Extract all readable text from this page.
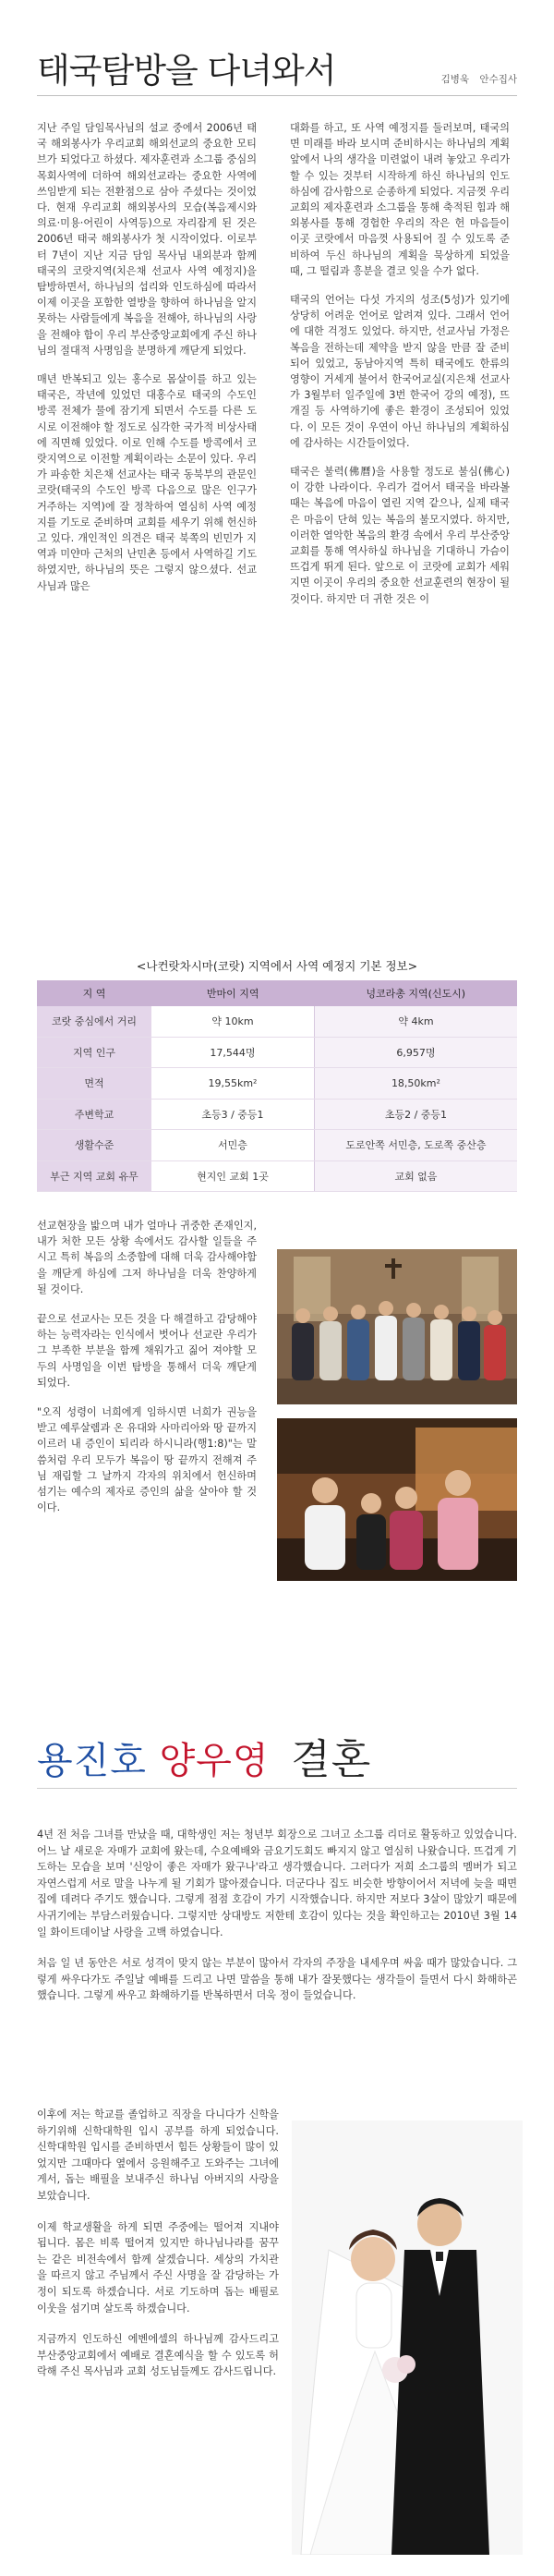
태국탐방을 다녀와서	김병욱 안수집사

지난 주일 담임목사님의 설교 중에서 2006년 태국 해외봉사가 우리교회 해외선교의 중요한 모티브가 되었다고 하셨다. 제자훈련과 소그룹 중심의 목회사역에 더하여 해외선교라는 중요한 사역에 쓰임받게 되는 전환점으로 삼아 주셨다는 것이었다. 현재 우리교회 해외봉사의 모습(복음제시와 의료·미용·어린이 사역등)으로 자리잡게 된 것은 2006년 태국 해외봉사가 첫 시작이었다. 이로부터 7년이 지난 지금 담임 목사님 내외분과 함께 태국의 코랏지역(치은채 선교사 사역 예정지)을 탐방하면서, 하나님의 섭리와 인도하심에 따라서 이제 이곳을 포함한 열방을 향하여 하나님을 알지 못하는 사람들에게 복음을 전해야, 하나님의 사랑을 전해야 함이 우리 부산중앙교회에게 주신 하나님의 절대적 사명임을 분명하게 깨닫게 되었다.

매년 반복되고 있는 홍수로 몸살이를 하고 있는 태국은, 작년에 있었던 대홍수로 태국의 수도인 방콕 전체가 물에 잠기게 되면서 수도를 다른 도시로 이전해야 할 정도로 심각한 국가적 비상사태에 직면해 있었다. 이로 인해 수도를 방콕에서 코랏지역으로 이전할 계획이라는 소문이 있다. 우리가 파송한 치은채 선교사는 태국 동북부의 관문인 코랏(태국의 수도인 방콕 다음으로 많은 인구가 거주하는 지역)에 잘 정착하여 열심히 사역 예정지를 기도로 준비하며 교회를 세우기 위해 헌신하고 있다. 개인적인 의견은 태국 북쪽의 빈민가 지역과 미얀마 근처의 난민촌 등에서 사역하길 기도하였지만, 하나님의 뜻은 그렇지 않으셨다. 선교사님과 많은

대화를 하고, 또 사역 예정지를 둘러보며, 태국의 면 미래를 바라 보시며 준비하시는 하나님의 계획 앞에서 나의 생각을 미련없이 내려 놓았고 우리가 할 수 있는 것부터 시작하게 하신 하나님의 인도하심에 감사함으로 순종하게 되었다. 지금껏 우리교회의 제자훈련과 소그룹을 통해 축적된 힘과 해외봉사를 통해 경험한 우리의 작은 헌 마음들이 이곳 코랏에서 마음껏 사용되어 질 수 있도록 준비하여 두신 하나님의 계획을 묵상하게 되었을 때, 그 떨림과 흥분을 결코 잊을 수가 없다.

태국의 언어는 다섯 가지의 성조(5성)가 있기에 상당히 어려운 언어로 알려져 있다. 그래서 언어에 대한 걱정도 있었다. 하지만, 선교사님 가정은 복음을 전하는데 제약을 받지 않을 만큼 잘 준비 되어 있었고, 동남아지역 특히 태국에도 한류의 영향이 거세게 불어서 한국어교실(지은채 선교사가 3월부터 일주일에 3번 한국어 강의 예정), 뜨개질 등 사역하기에 좋은 환경이 조성되어 있었다. 이 모든 것이 우연이 아닌 하나님의 계획하심에 감사하는 시간들이었다.

태국은 불력(佛曆)을 사용할 정도로 불심(佛心)이 강한 나라이다. 우리가 걸어서 태국을 바라볼 때는 복음에 마음이 열린 지역 같으나, 실제 태국은 마음이 단혀 있는 복음의 불모지였다. 하지만, 이러한 열악한 복음의 환경 속에서 우리 부산중앙교회를 통해 역사하실 하나님을 기대하니 가슴이 뜨겁게 뛰게 된다. 앞으로 이 코랏에 교회가 세워지면 이곳이 우리의 중요한 선교훈련의 현장이 될 것이다. 하지만 더 귀한 것은 이

<나컨랏차시마(코랏) 지역에서 사역 예정지 기본 정보>
지 역	반마이 지역	넝코라총 지역(신도시)
코랏 중심에서 거리	약 10km	약 4km
지역 인구	17,544명	6,957명
면적	19,55km²	18,50km²
주변학교	초등3 / 중등1	초등2 / 중등1
생활수준	서민층	도로안쪽 서민층, 도로쪽 중산층
부근 지역 교회 유무	현지인 교회 1곳	교회 없음

선교현장을 밟으며 내가 얼마나 귀중한 존재인지, 내가 처한 모든 상황 속에서도 감사할 일들을 주시고 특히 복음의 소중함에 대해 더욱 감사해야함을 깨닫게 하심에 그저 하나님을 더욱 찬양하게 될 것이다.

끝으로 선교사는 모든 것을 다 해결하고 감당해야 하는 능력자라는 인식에서 벗어나 선교란 우리가 그 부족한 부분을 함께 채워가고 짊어 져야할 모두의 사명임을 이번 탐방을 통해서 더욱 깨닫게 되었다.

"오직 성령이 너희에게 임하시면 너희가 권능을 받고 예루살렘과 온 유대와 사마리아와 땅 끝까지 이르러 내 증인이 되리라 하시니라(행1:8)"는 말씀처럼 우리 모두가 복음이 땅 끝까지 전해져 주님 재림할 그 날까지 각자의 위치에서 헌신하며 섬기는 예수의 제자로 증인의 삶을 살아야 할 것이다.

용진호 양우영 결혼

4년 전 처음 그녀를 만났을 때, 대학생인 저는 청년부 회장으로 그녀고 소그룹 리더로 활동하고 있었습니다. 어느 날 새로운 자매가 교회에 왔는데, 수요예배와 금요기도회도 빠지지 않고 열심히 나왔습니다. 뜨겁게 기도하는 모습을 보며 '신앙이 좋은 자매가 왔구나'라고 생각했습니다. 그러다가 저희 소그룹의 멤버가 되고 자연스럽게 서로 말을 나누게 될 기회가 많아졌습니다. 더군다나 집도 비슷한 방향이어서 저녁에 늦을 때면 집에 데려다 주기도 했습니다. 그렇게 점점 호감이 가기 시작했습니다. 하지만 저보다 3살이 많았기 때문에 사귀기에는 부담스러웠습니다. 그렇지만 상대방도 저한테 호감이 있다는 것을 확인하고는 2010년 3월 14일 화이트데이날 사랑을 고백 하였습니다.

처음 일 년 동안은 서로 성격이 맞지 않는 부분이 많아서 각자의 주장을 내세우며 싸움 때가 많았습니다. 그렇게 싸우다가도 주일날 예배를 드리고 나면 말씀을 통해 내가 잘못했다는 생각들이 들면서 다시 화해하곤 했습니다. 그렇게 싸우고 화해하기를 반복하면서 더욱 정이 들었습니다.

이후에 저는 학교를 졸업하고 직장을 다니다가 신학을 하기위해 신학대학원 입시 공부를 하게 되었습니다. 신학대학원 입시를 준비하면서 힘든 상황들이 많이 있었지만 그때마다 옆에서 응원해주고 도와주는 그녀에게서, 돕는 배필을 보내주신 하나님 아버지의 사랑을 보았습니다.

이제 학교생활을 하게 되면 주중에는 떨어져 지내야 됩니다. 몸은 비록 떨어져 있지만 하나님나라를 꿈꾸는 같은 비전속에서 함께 살겠습니다. 세상의 가치관을 따르지 않고 주님께서 주신 사명을 잘 감당하는 가정이 되도록 하겠습니다. 서로 기도하며 돕는 배필로 이웃을 섬기며 살도록 하겠습니다.

지금까지 인도하신 에벤에셀의 하나님께 감사드리고 부산중앙교회에서 예배로 결혼예식을 할 수 있도록 허락해 주신 목사님과 교회 성도님들께도 감사드립니다.
